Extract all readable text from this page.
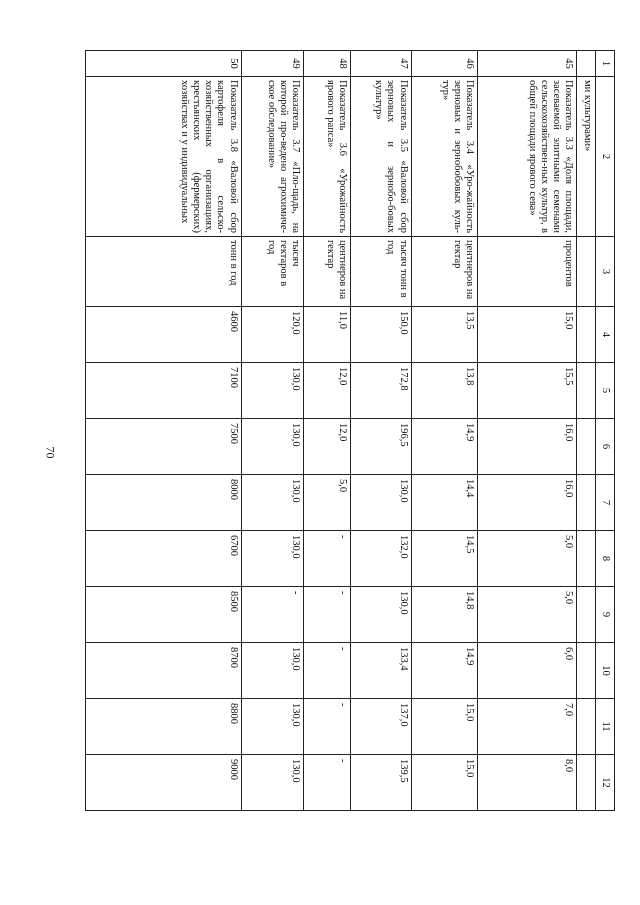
70
1	2	3	4	5	6	7	8	9	10	11	12
	ми культурами»										
45	Показатель 3.3 «Доля площади, засеваемой элитными семенами сельскохозяйствен-ных культур, в общей площади ярового сева»	процентов	15,0	15,5	16,0	16,0	5,0	5,0	6,0	7,0	8,0
46	Показатель 3.4 «Уро-жайность зерновых и зернобобовых куль-тур»	центнеров на гектар	13,5	13,8	14,9	14,4	14,5	14,8	14,9	15,0	15,0
47	Показатель 3.5 «Валовой сбор зерновых и зернобо-бовых культур»	тысяч тонн в год	150,0	172,8	196,5	130,0	132,0	130,0	133,4	137,0	139,5
48	Показатель 3.6 «Урожайность ярового рапса»	центнеров на гектар	11,0	12,0	12,0	5,0	-	-	-	-	-
49	Показатель 3.7 «Пло-щадь, на которой про-ведено агрохимиче-ское обследование»	тысяч гектаров в год	120,0	130,0	130,0	130,0	130,0	-	130,0	130,0	130,0
50	Показатель 3.8 «Валовой сбор картофеля в сельско-хозяйственных организациях, крестьянских (фермерских) хозяйствах и у индивидуальных	тонн в год	4600	7100	7500	8000	6700	8500	8700	8800	9000
